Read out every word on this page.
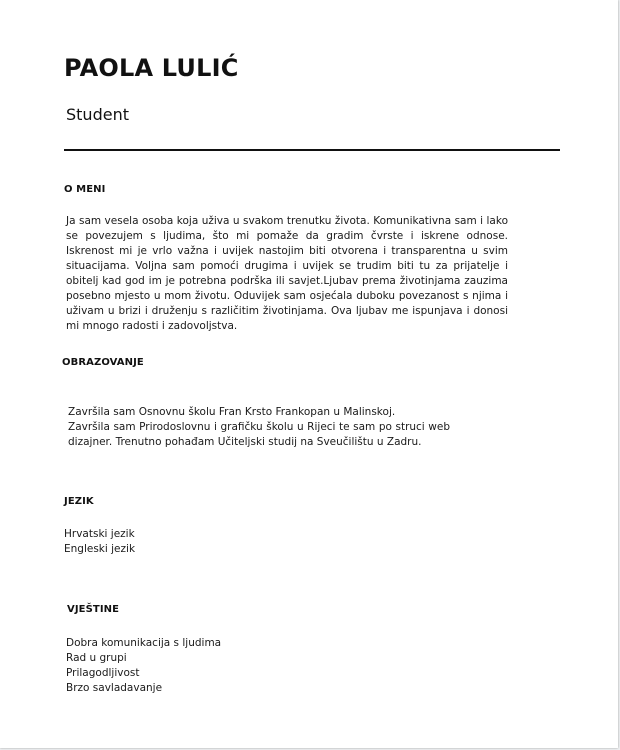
PAOLA LULIĆ

Student

O MENI

Ja sam vesela osoba koja uživa u svakom trenutku života. Komunikativna sam i lako se povezujem s ljudima, što mi pomaže da gradim čvrste i iskrene odnose. Iskrenost mi je vrlo važna i uvijek nastojim biti otvorena i transparentna u svim situacijama. Voljna sam pomoći drugima i uvijek se trudim biti tu za prijatelje i obitelj kad god im je potrebna podrška ili savjet.Ljubav prema životinjama zauzima posebno mjesto u mom životu. Oduvijek sam osjećala duboku povezanost s njima i uživam u brizi i druženju s različitim životinjama. Ova ljubav me ispunjava i donosi mi mnogo radosti i zadovoljstva.

OBRAZOVANJE

Završila sam Osnovnu školu Fran Krsto Frankopan u Malinskoj.

Završila sam Prirodoslovnu i grafičku školu u Rijeci te sam po struci web dizajner. Trenutno pohađam Učiteljski studij na Sveučilištu u Zadru.

JEZIK
Hrvatski jezik
Engleski jezik
VJEŠTINE
Dobra komunikacija s ljudima
Rad u grupi
Prilagodljivost
Brzo savladavanje
